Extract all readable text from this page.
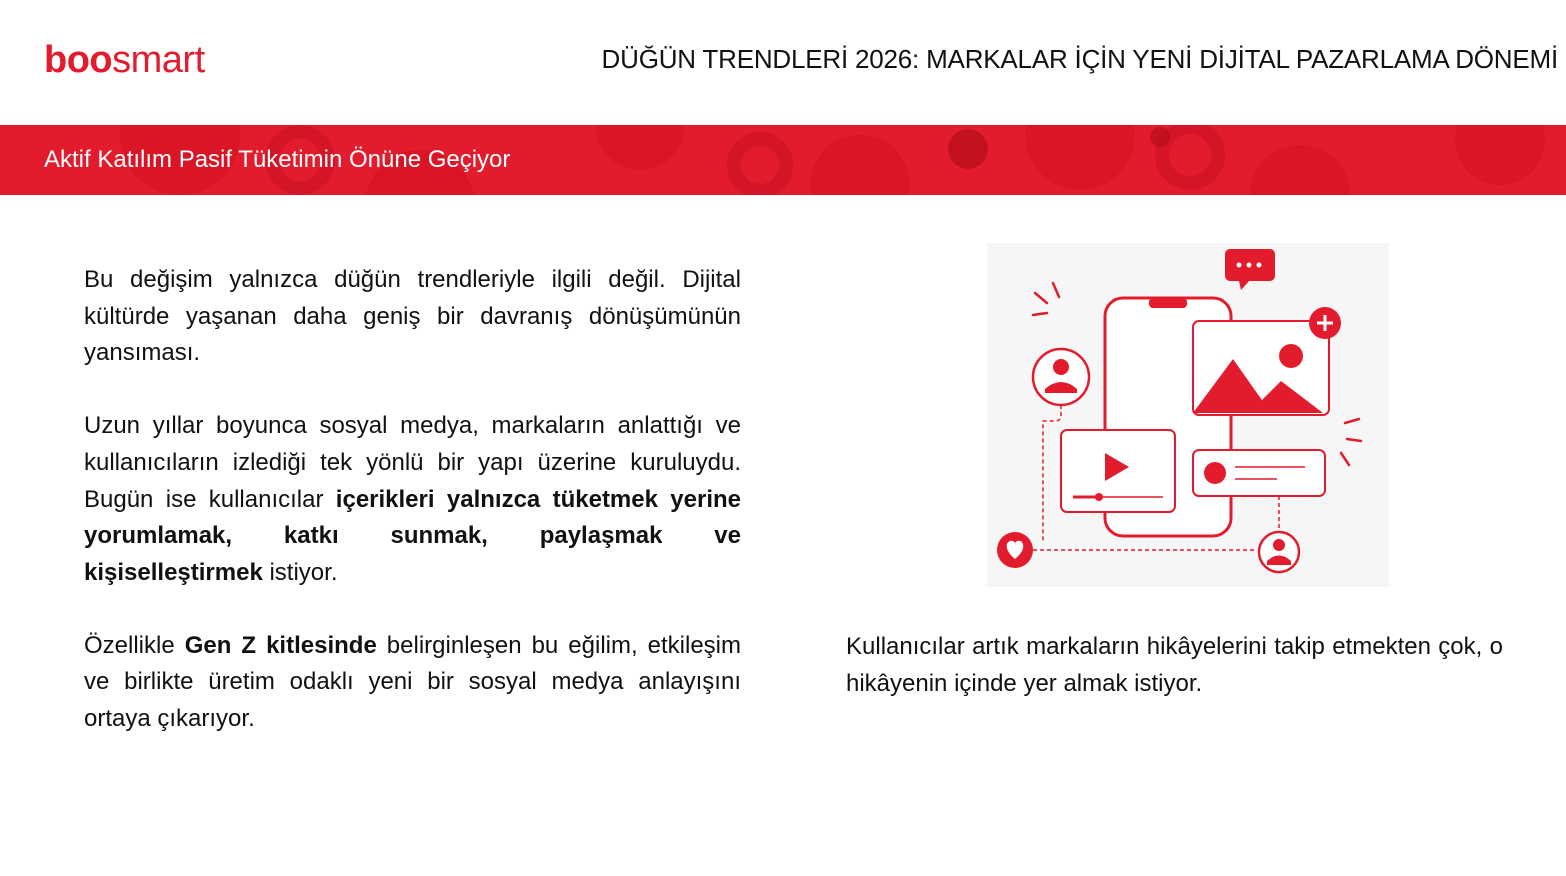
boosmart	DÜĞÜN TRENDLERİ 2026: MARKALAR İÇİN YENİ DİJİTAL PAZARLAMA DÖNEMİ
Aktif Katılım Pasif Tüketimin Önüne Geçiyor

Bu değişim yalnızca düğün trendleriyle ilgili değil. Dijital kültürde yaşanan daha geniş bir davranış dönüşümünün yansıması.

Uzun yıllar boyunca sosyal medya, markaların anlattığı ve kullanıcıların izlediği tek yönlü bir yapı üzerine kuruluydu. Bugün ise kullanıcılar içerikleri yalnızca tüketmek yerine yorumlamak, katkı sunmak, paylaşmak ve kişiselleştirmek istiyor.

Özellikle Gen Z kitlesinde belirginleşen bu eğilim, etkileşim ve birlikte üretim odaklı yeni bir sosyal medya anlayışını ortaya çıkarıyor.

Kullanıcılar artık markaların hikâyelerini takip etmekten çok, o hikâyenin içinde yer almak istiyor.
